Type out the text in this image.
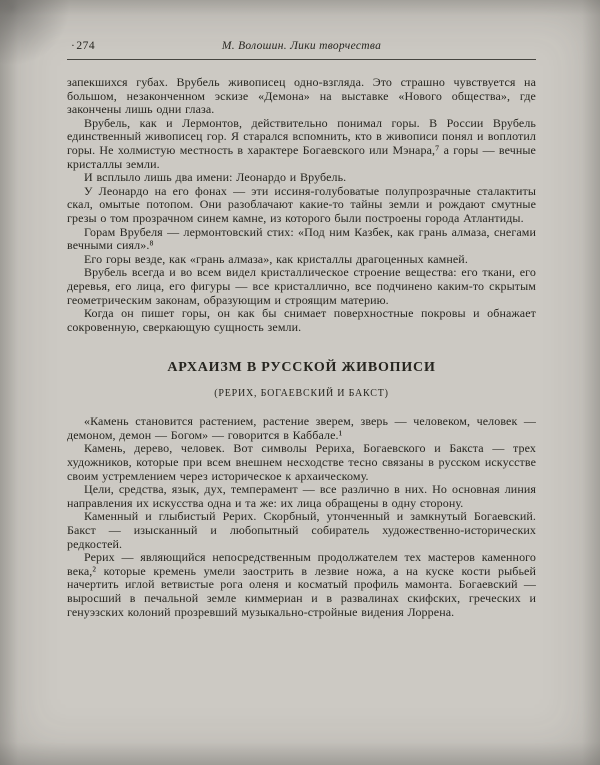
· 274	М. Волошин. Лики творчества

запекшихся губах. Врубель живописец одно-взгляда. Это страшно чувствуется на большом, незаконченном эскизе «Демона» на выставке «Нового общества», где закончены лишь одни глаза.

Врубель, как и Лермонтов, действительно понимал горы. В России Врубель единственный живописец гор. Я старался вспомнить, кто в живописи понял и воплотил горы. Не холмистую местность в характере Богаевского или Мэнара,⁷ а горы — вечные кристаллы земли.

И всплыло лишь два имени: Леонардо и Врубель.

У Леонардо на его фонах — эти иссиня-голубоватые полупрозрачные сталактиты скал, омытые потопом. Они разоблачают какие-то тайны земли и рождают смутные грезы о том прозрачном синем камне, из которого были построены города Атлантиды.

Горам Врубеля — лермонтовский стих: «Под ним Казбек, как грань алмаза, снегами вечными сиял».⁸

Его горы везде, как «грань алмаза», как кристаллы драгоценных камней.

Врубель всегда и во всем видел кристаллическое строение вещества: его ткани, его деревья, его лица, его фигуры — все кристаллично, все подчинено каким-то скрытым геометрическим законам, образующим и строящим материю.

Когда он пишет горы, он как бы снимает поверхностные покровы и обнажает сокровенную, сверкающую сущность земли.

АРХАИЗМ В РУССКОЙ ЖИВОПИСИ
(РЕРИХ, БОГАЕВСКИЙ И БАКСТ)

«Камень становится растением, растение зверем, зверь — человеком, человек — демоном, демон — Богом» — говорится в Каббале.¹

Камень, дерево, человек. Вот символы Рериха, Богаевского и Бакста — трех художников, которые при всем внешнем несходстве тесно связаны в русском искусстве своим устремлением через историческое к архаическому.

Цели, средства, язык, дух, темперамент — все различно в них. Но основная линия направления их искусства одна и та же: их лица обращены в одну сторону.

Каменный и глыбистый Рерих. Скорбный, утонченный и замкнутый Богаевский. Бакст — изысканный и любопытный собиратель художественно-исторических редкостей.

Рерих — являющийся непосредственным продолжателем тех мастеров каменного века,² которые кремень умели заострить в лезвие ножа, а на куске кости рыбьей начертить иглой ветвистые рога оленя и косматый профиль мамонта. Богаевский — выросший в печальной земле киммериан и в развалинах скифских, греческих и генуэзских колоний прозревший музыкально-стройные видения Лоррена.
